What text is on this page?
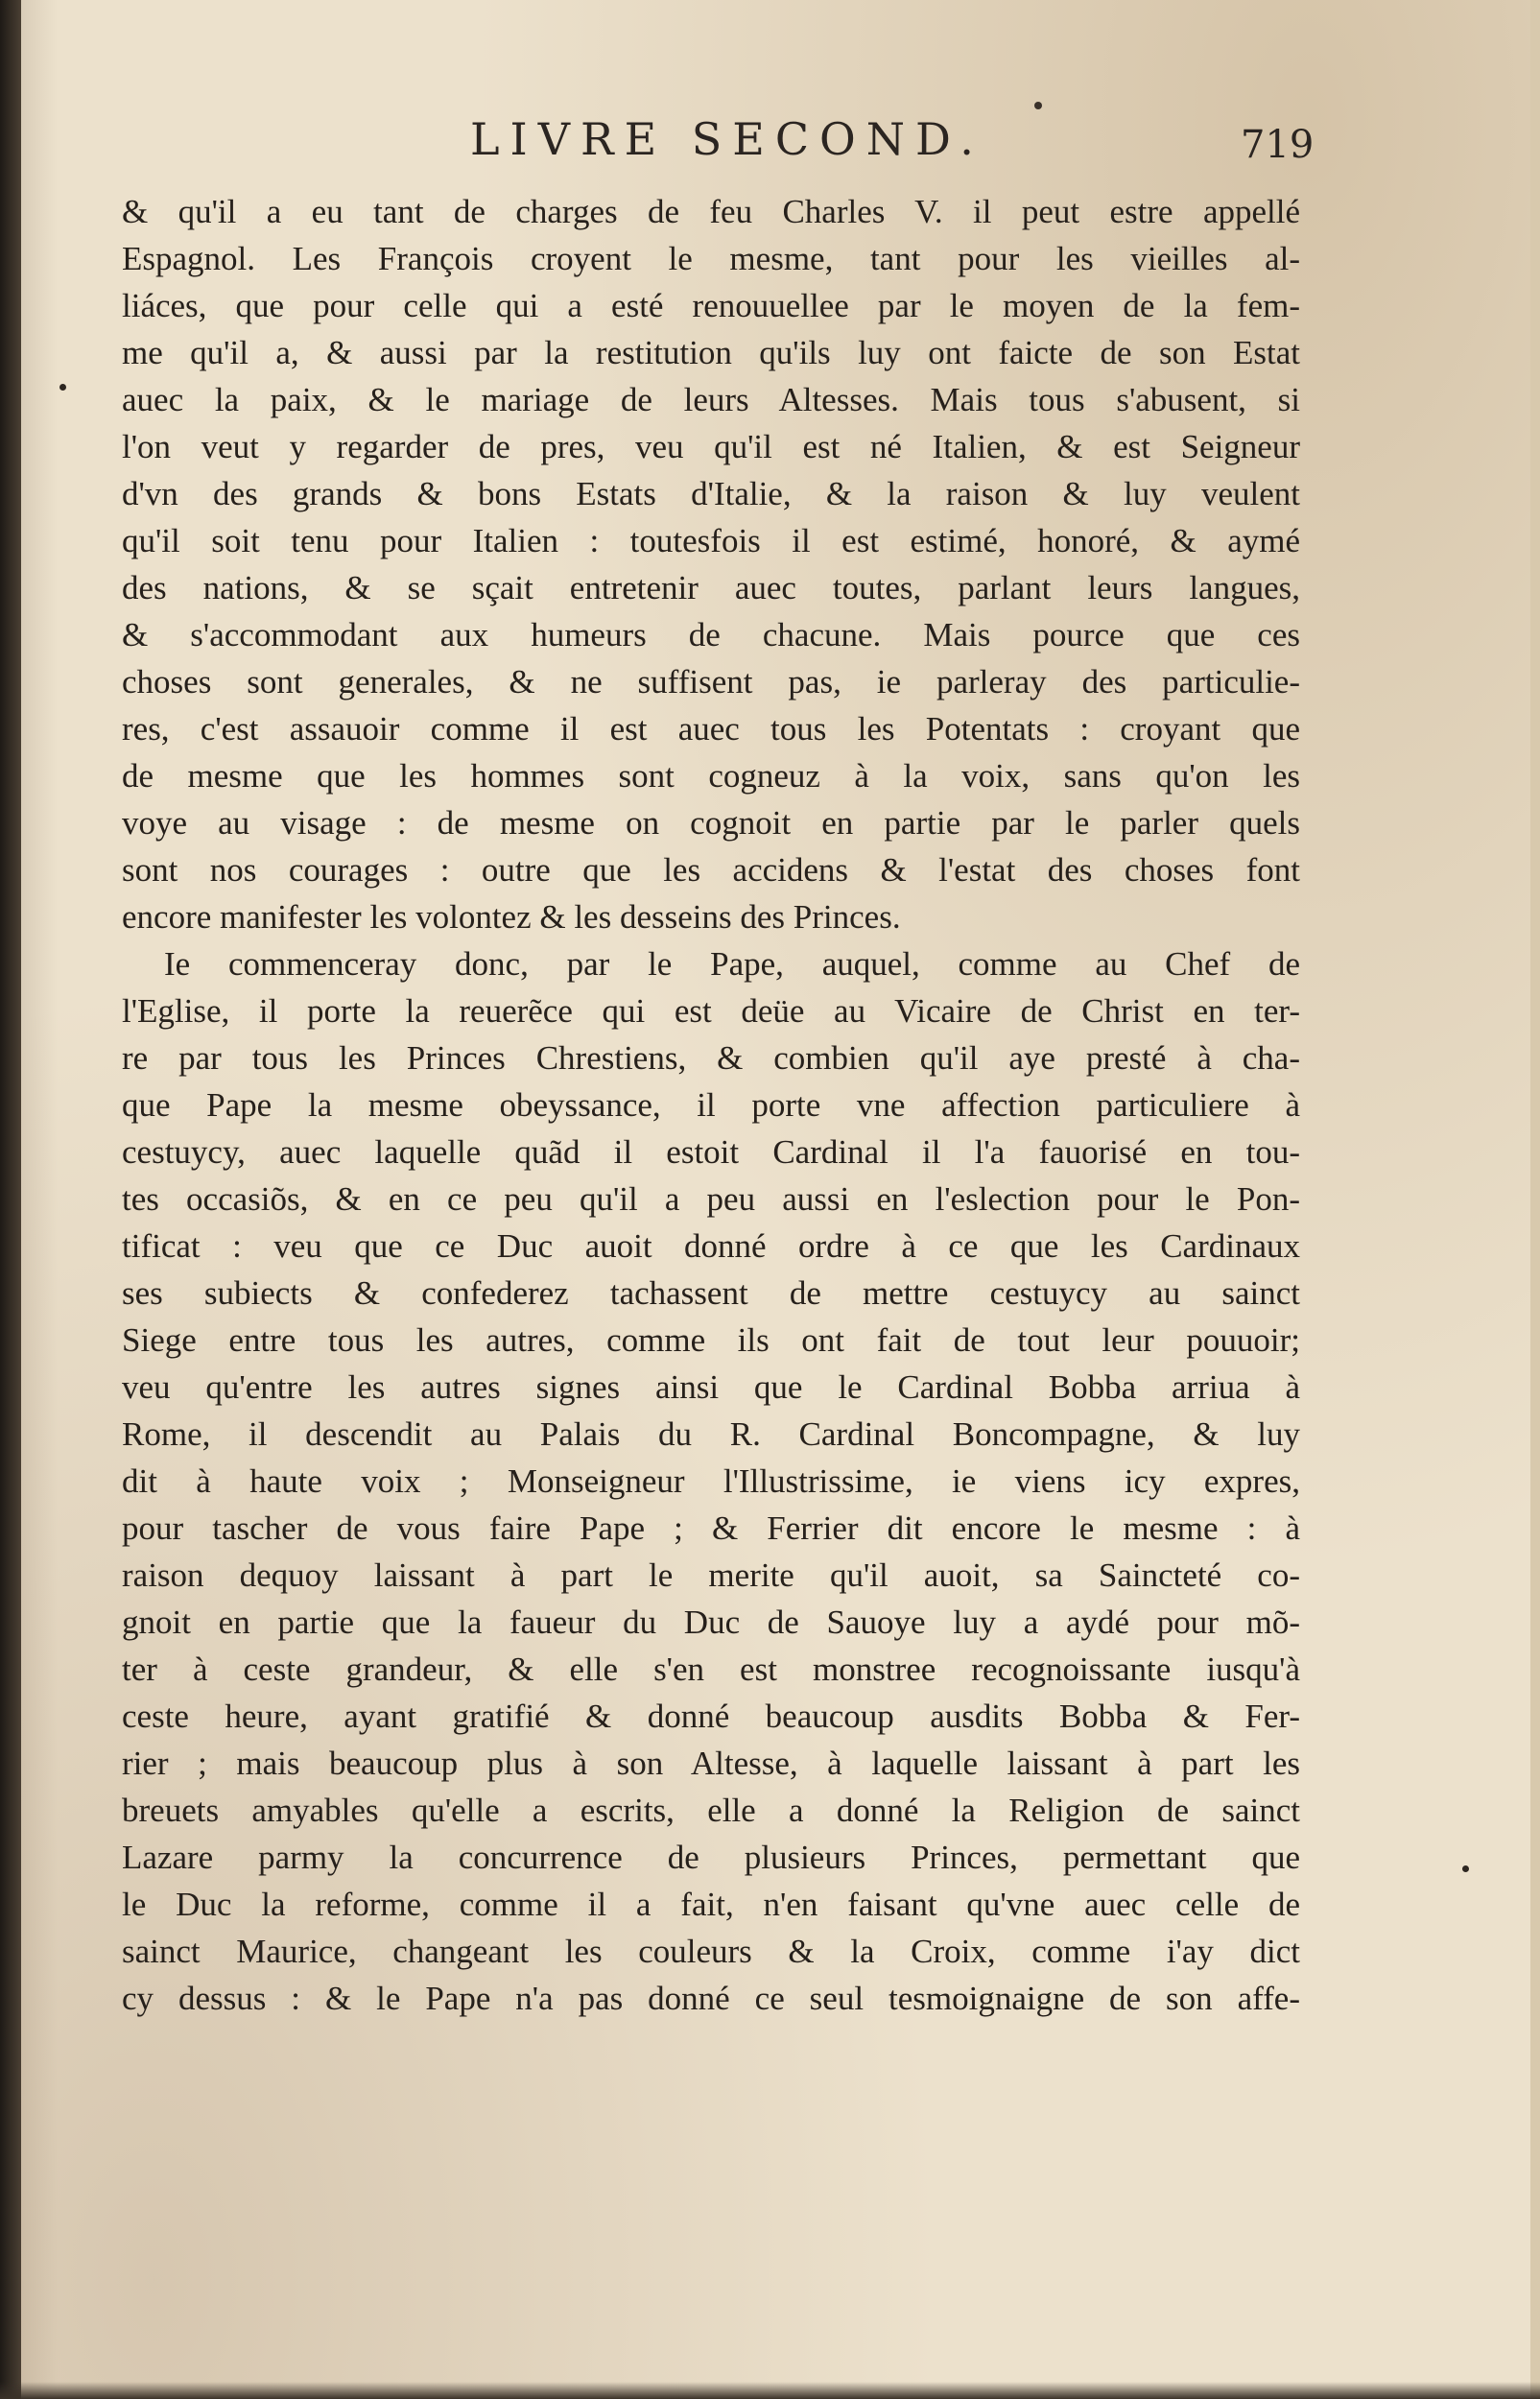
LIVRE SECOND.	719
& qu'il a eu tant de charges de feu Charles V. il peut estre appellé
Espagnol. Les François croyent le mesme, tant pour les vieilles al-
liáces, que pour celle qui a esté renouuellee par le moyen de la fem-
me qu'il a, & aussi par la restitution qu'ils luy ont faicte de son Estat
auec la paix, & le mariage de leurs Altesses. Mais tous s'abusent, si
l'on veut y regarder de pres, veu qu'il est né Italien, & est Seigneur
d'vn des grands & bons Estats d'Italie, & la raison & luy veulent
qu'il soit tenu pour Italien : toutesfois il est estimé, honoré, & aymé
des nations, & se sçait entretenir auec toutes, parlant leurs langues,
& s'accommodant aux humeurs de chacune. Mais pource que ces
choses sont generales, & ne suffisent pas, ie parleray des particulie-
res, c'est assauoir comme il est auec tous les Potentats : croyant que
de mesme que les hommes sont cogneuz à la voix, sans qu'on les
voye au visage : de mesme on cognoit en partie par le parler quels
sont nos courages : outre que les accidens & l'estat des choses font
encore manifester les volontez & les desseins des Princes.
Ie commenceray donc, par le Pape, auquel, comme au Chef de
l'Eglise, il porte la reuerẽce qui est deüe au Vicaire de Christ en ter-
re par tous les Princes Chrestiens, & combien qu'il aye presté à cha-
que Pape la mesme obeyssance, il porte vne affection particuliere à
cestuycy, auec laquelle quãd il estoit Cardinal il l'a fauorisé en tou-
tes occasiõs, & en ce peu qu'il a peu aussi en l'eslection pour le Pon-
tificat : veu que ce Duc auoit donné ordre à ce que les Cardinaux
ses subiects & confederez tachassent de mettre cestuycy au sainct
Siege entre tous les autres, comme ils ont fait de tout leur pouuoir;
veu qu'entre les autres signes ainsi que le Cardinal Bobba arriua à
Rome, il descendit au Palais du R. Cardinal Boncompagne, & luy
dit à haute voix ; Monseigneur l'Illustrissime, ie viens icy expres,
pour tascher de vous faire Pape ; & Ferrier dit encore le mesme : à
raison dequoy laissant à part le merite qu'il auoit, sa Saincteté co-
gnoit en partie que la faueur du Duc de Sauoye luy a aydé pour mõ-
ter à ceste grandeur, & elle s'en est monstree recognoissante iusqu'à
ceste heure, ayant gratifié & donné beaucoup ausdits Bobba & Fer-
rier ; mais beaucoup plus à son Altesse, à laquelle laissant à part les
breuets amyables qu'elle a escrits, elle a donné la Religion de sainct
Lazare parmy la concurrence de plusieurs Princes, permettant que
le Duc la reforme, comme il a fait, n'en faisant qu'vne auec celle de
sainct Maurice, changeant les couleurs & la Croix, comme i'ay dict
cy dessus : & le Pape n'a pas donné ce seul tesmoignaigne de son affe-
